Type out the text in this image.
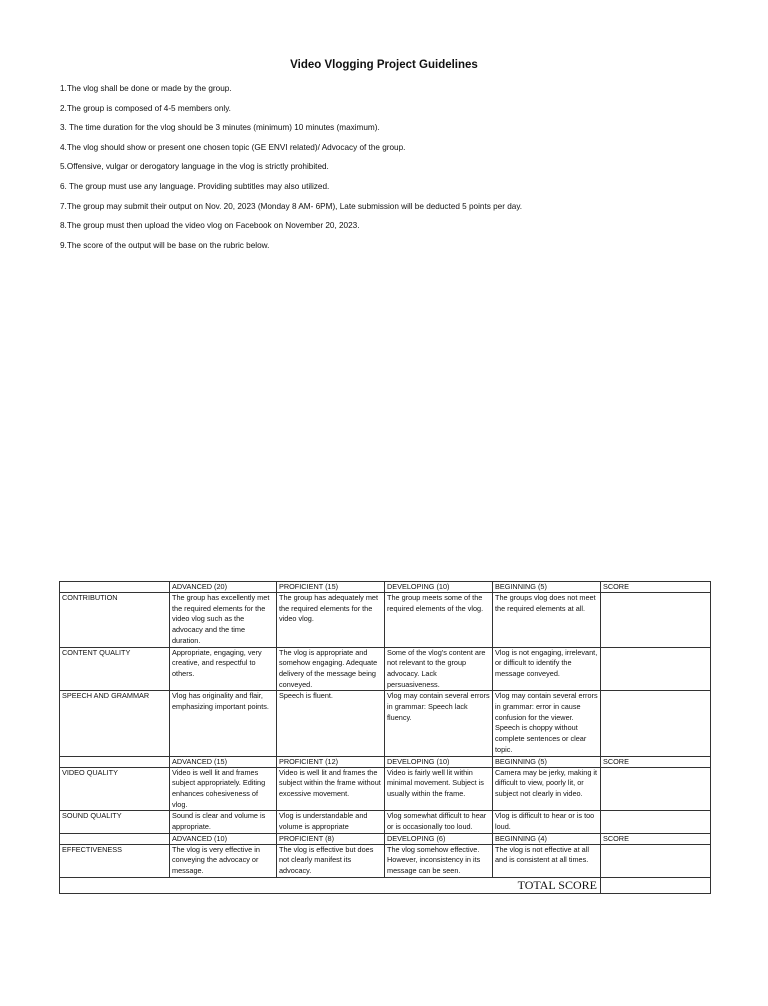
Video Vlogging Project Guidelines
1.The vlog shall be done or made by the group.
2.The group is composed of 4-5 members only.
3. The time duration for the vlog should be 3 minutes (minimum) 10 minutes (maximum).
4.The vlog should show or present one chosen topic (GE ENVI related)/ Advocacy of the group.
5.Offensive, vulgar or derogatory language in the vlog is strictly prohibited.
6. The group must use any language. Providing subtitles may also utilized.
7.The group may submit their output on Nov. 20, 2023 (Monday 8 AM- 6PM), Late submission will be deducted 5 points per day.
8.The group must then upload the video vlog on Facebook on November 20, 2023.
9.The score of the output will be base on the rubric below.
	ADVANCED (20)	PROFICIENT (15)	DEVELOPING (10)	BEGINNING (5)	SCORE
CONTRIBUTION	The group has excellently met the required elements for the video vlog such as the advocacy and the time duration.	The group has adequately met the required elements for the video vlog.	The group meets some of the required elements of the vlog.	The groups vlog does not meet the required elements at all.	
CONTENT QUALITY	Appropriate, engaging, very creative, and respectful to others.	The vlog is appropriate and somehow engaging. Adequate delivery of the message being conveyed.	Some of the vlog’s content are not relevant to the group advocacy. Lack persuasiveness.	Vlog is not engaging, irrelevant, or difficult to identify the message conveyed.	
SPEECH AND GRAMMAR	Vlog has originality and flair, emphasizing important points.	Speech is fluent.	Vlog may contain several errors in grammar: Speech lack fluency.	Vlog may contain several errors in grammar: error in cause confusion for the viewer. Speech is choppy without complete sentences or clear topic.	
	ADVANCED (15)	PROFICIENT (12)	DEVELOPING (10)	BEGINNING (5)	SCORE
VIDEO QUALITY	Video is well lit and frames subject appropriately. Editing enhances cohesiveness of vlog.	Video is well lit and frames the subject within the frame without excessive movement.	Video is fairly well lit within minimal movement. Subject is usually within the frame.	Camera may be jerky, making it difficult to view, poorly lit, or subject not clearly in video.	
SOUND QUALITY	Sound is clear and volume is appropriate.	Vlog is understandable and volume is appropriate	Vlog somewhat difficult to hear or is occasionally too loud.	Vlog is difficult to hear or is too loud.	
	ADVANCED (10)	PROFICIENT (8)	DEVELOPING (6)	BEGINNING (4)	SCORE
EFFECTIVENESS	The vlog is very effective in conveying the advocacy or message.	The vlog is effective but does not clearly manifest its advocacy.	The vlog somehow effective. However, inconsistency in its message can be seen.	The vlog is not effective at all and is consistent at all times.	
TOTAL SCORE					
